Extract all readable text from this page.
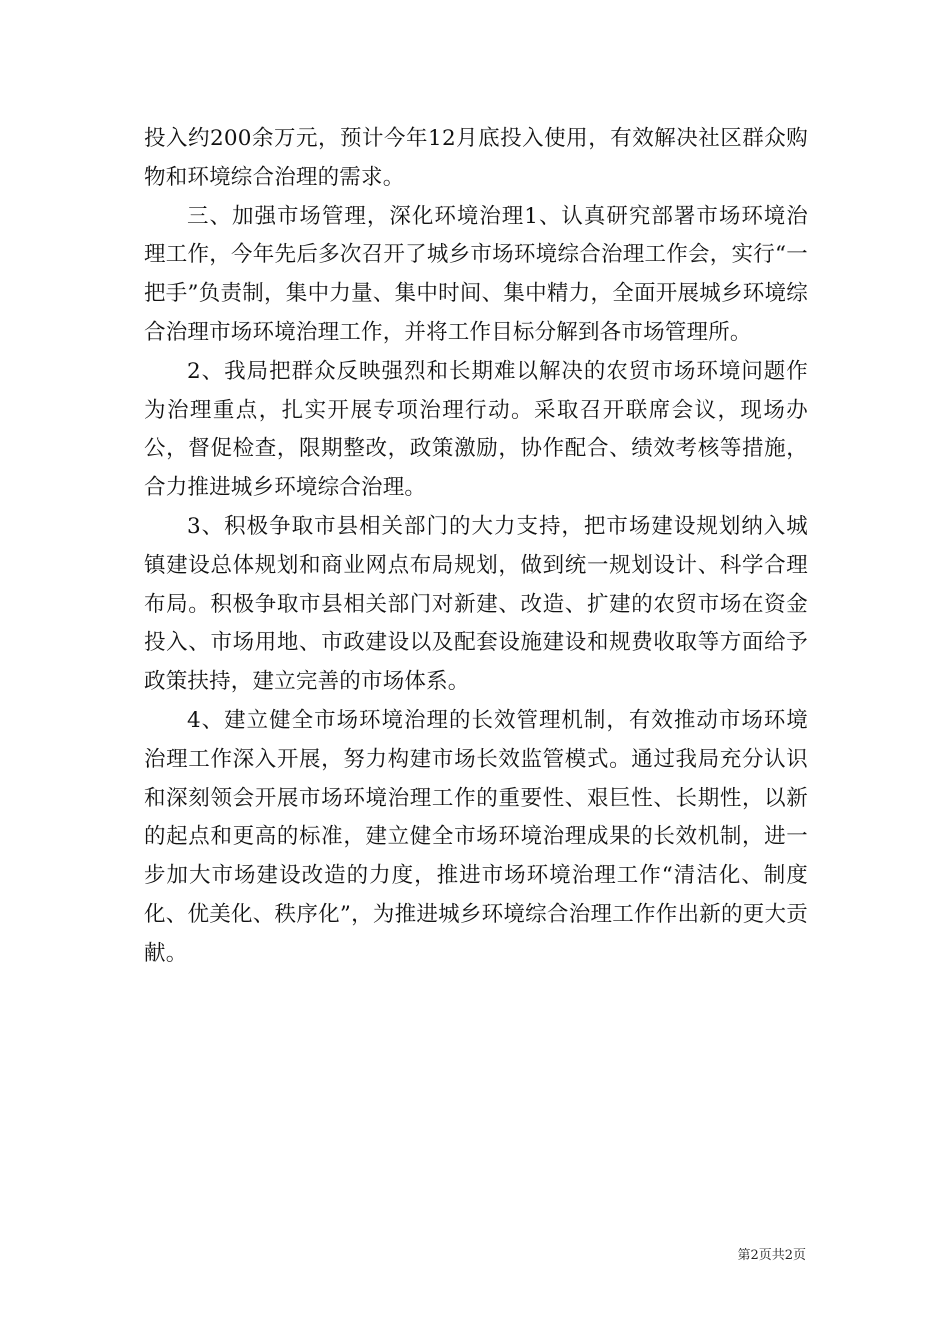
投入约200余万元，预计今年12月底投入使用，有效解决社区群众购物和环境综合治理的需求。

三、加强市场管理，深化环境治理1、认真研究部署市场环境治理工作，今年先后多次召开了城乡市场环境综合治理工作会，实行“一把手”负责制，集中力量、集中时间、集中精力，全面开展城乡环境综合治理市场环境治理工作，并将工作目标分解到各市场管理所。

2、我局把群众反映强烈和长期难以解决的农贸市场环境问题作为治理重点，扎实开展专项治理行动。采取召开联席会议，现场办公，督促检查，限期整改，政策激励，协作配合、绩效考核等措施，合力推进城乡环境综合治理。

3、积极争取市县相关部门的大力支持，把市场建设规划纳入城镇建设总体规划和商业网点布局规划，做到统一规划设计、科学合理布局。积极争取市县相关部门对新建、改造、扩建的农贸市场在资金投入、市场用地、市政建设以及配套设施建设和规费收取等方面给予政策扶持，建立完善的市场体系。

4、建立健全市场环境治理的长效管理机制，有效推动市场环境治理工作深入开展，努力构建市场长效监管模式。通过我局充分认识和深刻领会开展市场环境治理工作的重要性、艰巨性、长期性，以新的起点和更高的标准，建立健全市场环境治理成果的长效机制，进一步加大市场建设改造的力度，推进市场环境治理工作“清洁化、制度化、优美化、秩序化”，为推进城乡环境综合治理工作作出新的更大贡献。

第2页共2页
